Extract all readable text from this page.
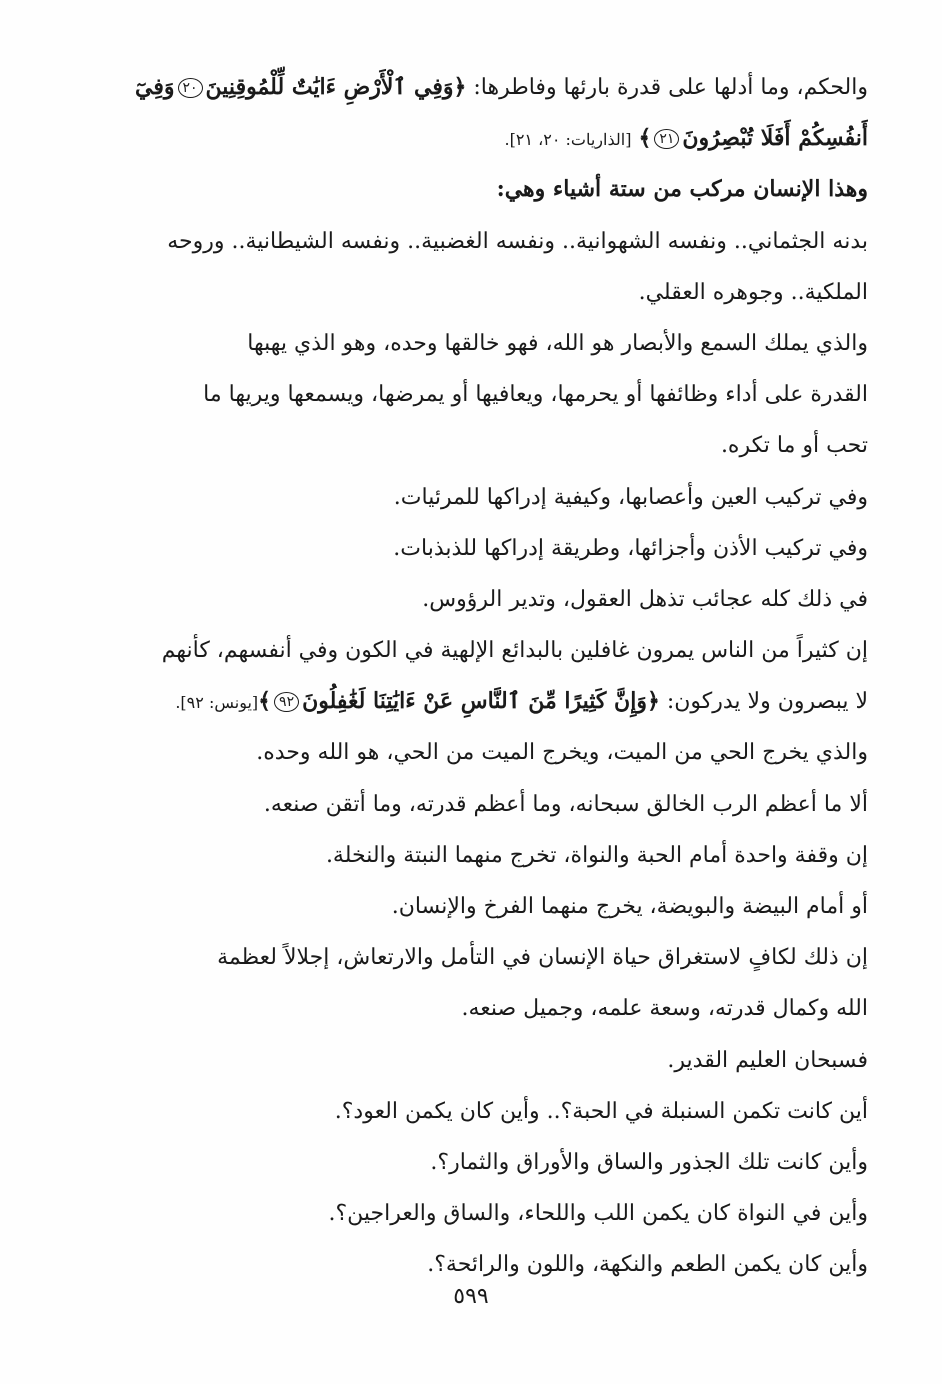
والحكم، وما أدلها على قدرة بارئها وفاطرها: ﴿وَفِي ٱلْأَرْضِ ءَايَٰتٌ لِّلْمُوقِنِينَ٢٠وَفِيٓ
أَنفُسِكُمْ أَفَلَا تُبْصِرُونَ٢١﴾ [الذاريات: ٢٠، ٢١].
وهذا الإنسان مركب من ستة أشياء وهي:
بدنه الجثماني.. ونفسه الشهوانية.. ونفسه الغضبية.. ونفسه الشيطانية.. وروحه
الملكية.. وجوهره العقلي.
والذي يملك السمع والأبصار هو الله، فهو خالقها وحده، وهو الذي يهبها
القدرة على أداء وظائفها أو يحرمها، ويعافيها أو يمرضها، ويسمعها ويريها ما
تحب أو ما تكره.
وفي تركيب العين وأعصابها، وكيفية إدراكها للمرئيات.
وفي تركيب الأذن وأجزائها، وطريقة إدراكها للذبذبات.
في ذلك كله عجائب تذهل العقول، وتدير الرؤوس.
إن كثيراً من الناس يمرون غافلين بالبدائع الإلهية في الكون وفي أنفسهم، كأنهم
لا يبصرون ولا يدركون: ﴿وَإِنَّ كَثِيرًا مِّنَ ٱلنَّاسِ عَنْ ءَايَٰتِنَا لَغَٰفِلُونَ٩٢﴾[يونس: ٩٢].
والذي يخرج الحي من الميت، ويخرج الميت من الحي، هو الله وحده.
ألا ما أعظم الرب الخالق سبحانه، وما أعظم قدرته، وما أتقن صنعه.
إن وقفة واحدة أمام الحبة والنواة، تخرج منهما النبتة والنخلة.
أو أمام البيضة والبويضة، يخرج منهما الفرخ والإنسان.
إن ذلك لكافٍ لاستغراق حياة الإنسان في التأمل والارتعاش، إجلالاً لعظمة
الله وكمال قدرته، وسعة علمه، وجميل صنعه.
فسبحان العليم القدير.
أين كانت تكمن السنبلة في الحبة؟.. وأين كان يكمن العود؟.
وأين كانت تلك الجذور والساق والأوراق والثمار؟.
وأين في النواة كان يكمن اللب واللحاء، والساق والعراجين؟.
وأين كان يكمن الطعم والنكهة، واللون والرائحة؟.
٥٩٩
